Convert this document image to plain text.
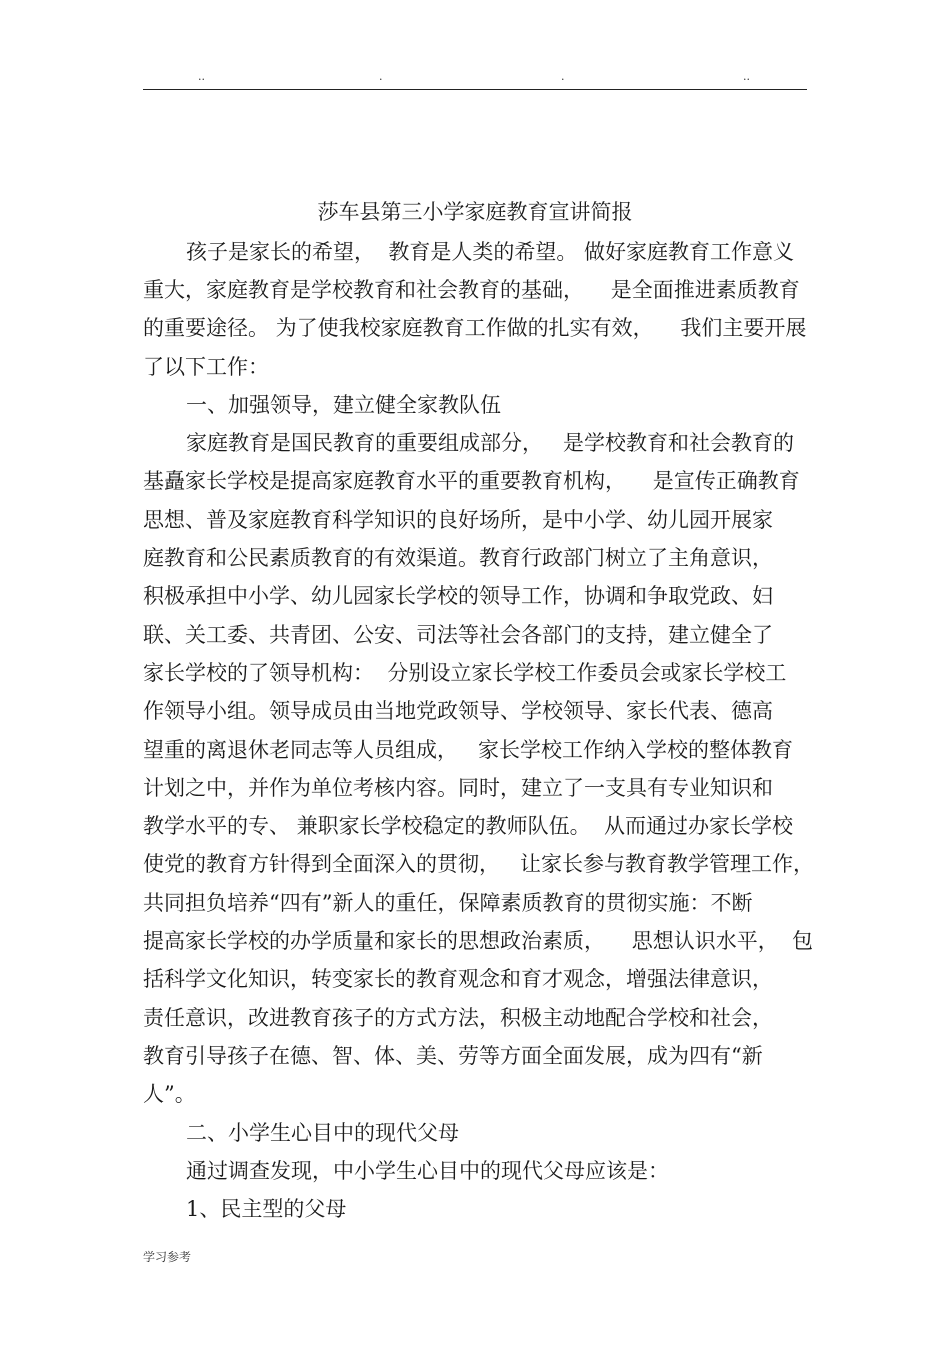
..	.	.	..
莎车县第三小学家庭教育宣讲简报
孩子是家长的希望，  教育是人类的希望。 做好家庭教育工作意义
重大，家庭教育是学校教育和社会教育的基础，    是全面推进素质教育
的重要途径。 为了使我校家庭教育工作做的扎实有效，    我们主要开展
了以下工作：
一、加强领导，建立健全家教队伍
家庭教育是国民教育的重要组成部分，   是学校教育和社会教育的
基矗家长学校是提高家庭教育水平的重要教育机构，    是宣传正确教育
思想、普及家庭教育科学知识的良好场所，是中小学、幼儿园开展家
庭教育和公民素质教育的有效渠道。教育行政部门树立了主角意识，
积极承担中小学、幼儿园家长学校的领导工作，协调和争取党政、妇
联、关工委、共青团、公安、司法等社会各部门的支持，建立健全了
家长学校的了领导机构：  分别设立家长学校工作委员会或家长学校工
作领导小组。领导成员由当地党政领导、学校领导、家长代表、德高
望重的离退休老同志等人员组成，   家长学校工作纳入学校的整体教育
计划之中，并作为单位考核内容。同时，建立了一支具有专业知识和
教学水平的专、 兼职家长学校稳定的教师队伍。  从而通过办家长学校
使党的教育方针得到全面深入的贯彻，   让家长参与教育教学管理工作，
共同担负培养“四有”新人的重任，保障素质教育的贯彻实施：不断
提高家长学校的办学质量和家长的思想政治素质，    思想认识水平，  包
括科学文化知识，转变家长的教育观念和育才观念，增强法律意识，
责任意识，改进教育孩子的方式方法，积极主动地配合学校和社会，
教育引导孩子在德、智、体、美、劳等方面全面发展，成为四有“新
人”。
二、小学生心目中的现代父母
通过调查发现，中小学生心目中的现代父母应该是：
1、民主型的父母
学习参考
